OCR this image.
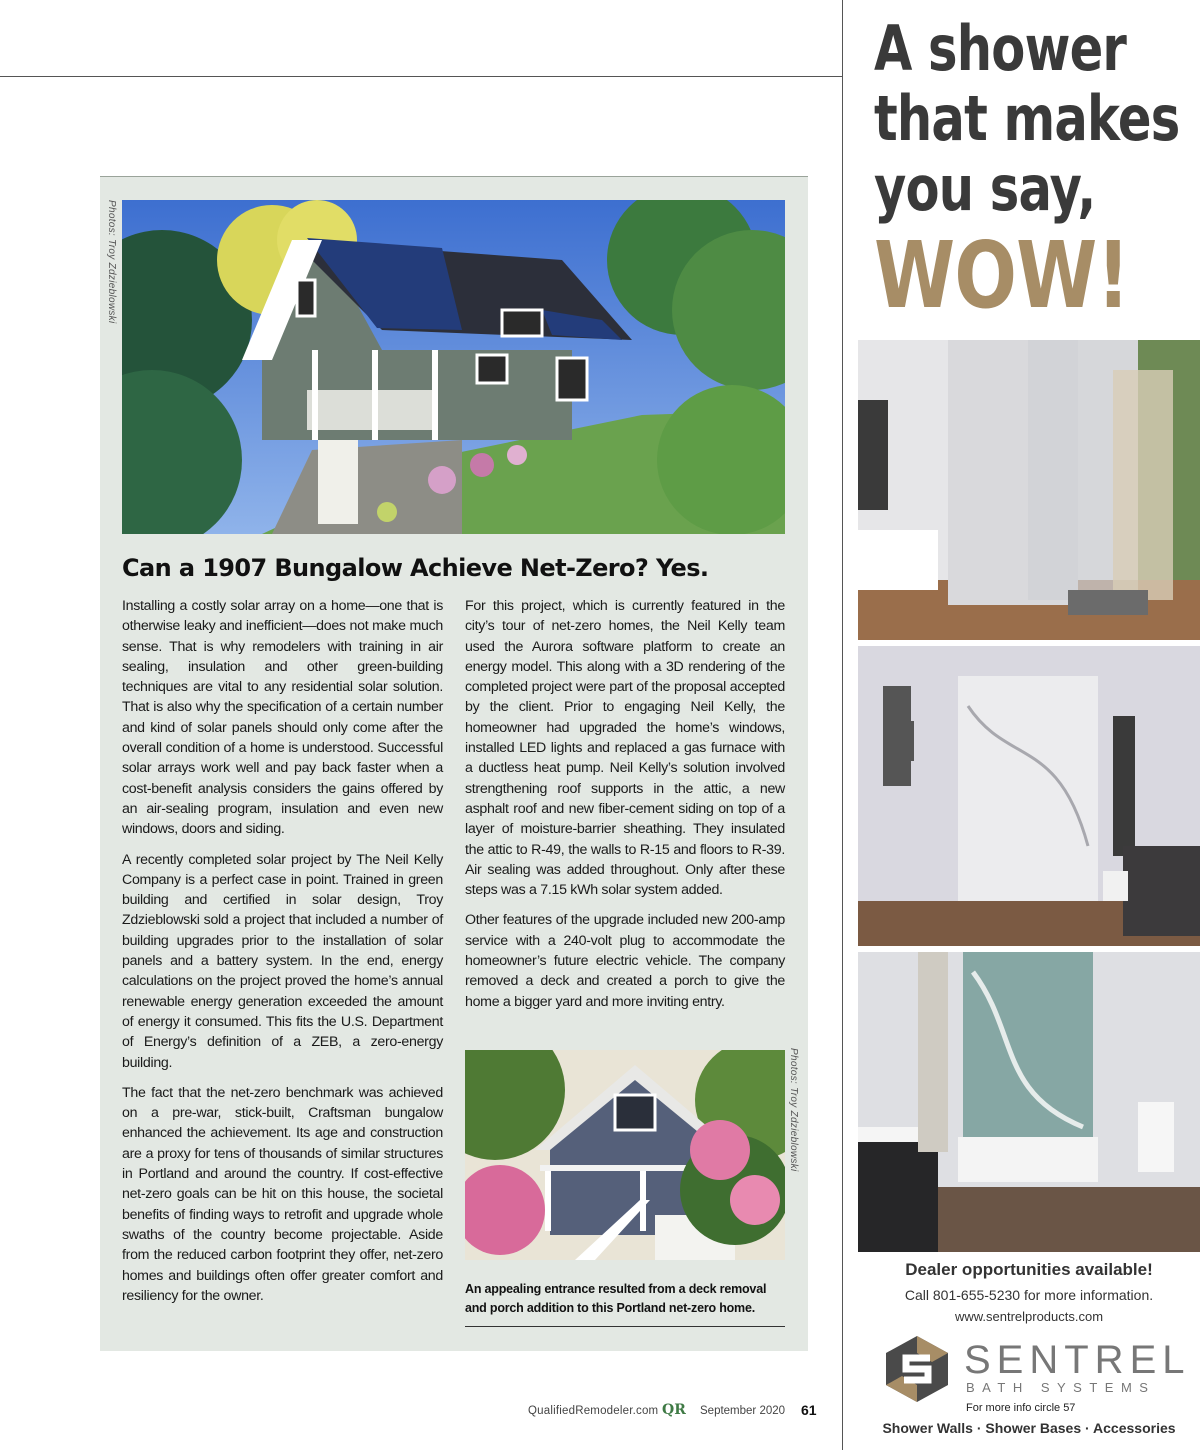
Photos: Troy Zdzieblowski
Can a 1907 Bungalow Achieve Net-Zero? Yes.

Installing a costly solar array on a home—one that is otherwise leaky and inefficient—does not make much sense. That is why remodelers with training in air sealing, insulation and other green-building techniques are vital to any residential solar solution. That is also why the specification of a certain number and kind of solar panels should only come after the overall condition of a home is understood. Successful solar arrays work well and pay back faster when a cost-benefit analysis considers the gains offered by an air-sealing program, insulation and even new windows, doors and siding.

A recently completed solar project by The Neil Kelly Company is a perfect case in point. Trained in green building and certified in solar design, Troy Zdzieblowski sold a project that included a number of building upgrades prior to the installation of solar panels and a battery system. In the end, energy calculations on the project proved the home’s annual renewable energy generation exceeded the amount of energy it consumed. This fits the U.S. Department of Energy’s definition of a ZEB, a zero-energy building.

The fact that the net-zero benchmark was achieved on a pre-war, stick-built, Craftsman bungalow enhanced the achievement. Its age and construction are a proxy for tens of thousands of similar structures in Portland and around the country. If cost-effective net-zero goals can be hit on this house, the societal benefits of finding ways to retrofit and upgrade whole swaths of the country become projectable. Aside from the reduced carbon footprint they offer, net-zero homes and buildings often offer greater comfort and resiliency for the owner.

For this project, which is currently featured in the city’s tour of net-zero homes, the Neil Kelly team used the Aurora software platform to create an energy model. This along with a 3D rendering of the completed project were part of the proposal accepted by the client. Prior to engaging Neil Kelly, the homeowner had upgraded the home’s windows, installed LED lights and replaced a gas furnace with a ductless heat pump. Neil Kelly’s solution involved strengthening roof supports in the attic, a new asphalt roof and new fiber-cement siding on top of a layer of moisture-barrier sheathing. They insulated the attic to R-49, the walls to R-15 and floors to R-39. Air sealing was added throughout. Only after these steps was a 7.15 kWh solar system added.

Other features of the upgrade included new 200-amp service with a 240-volt plug to accommodate the homeowner’s future electric vehicle. The company removed a deck and created a porch to give the home a bigger yard and more inviting entry.

Photos: Troy Zdzieblowski
An appealing entrance resulted from a deck removal and porch addition to this Portland net-zero home.
QualifiedRemodeler.com QR September 2020 61
A shower
that makes
you say,
WOW!
Dealer opportunities available!
Call 801-655-5230 for more information.
www.sentrelproducts.com
SENTREL
BATH SYSTEMS
For more info circle 57
Shower Walls · Shower Bases · Accessories
